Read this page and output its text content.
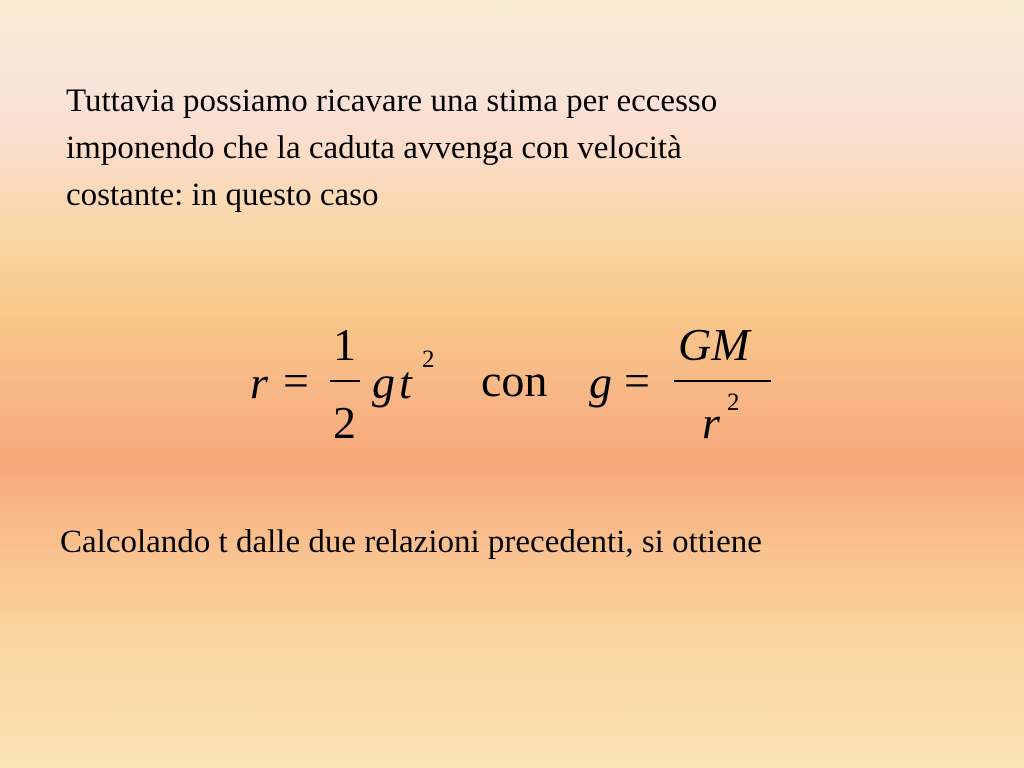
Tuttavia possiamo ricavare una stima per eccesso
imponendo che la caduta avvenga con velocità
costante: in questo caso
r =
1
2
g t 2 con g =
GM
r 2
Calcolando t dalle due relazioni precedenti, si ottiene
